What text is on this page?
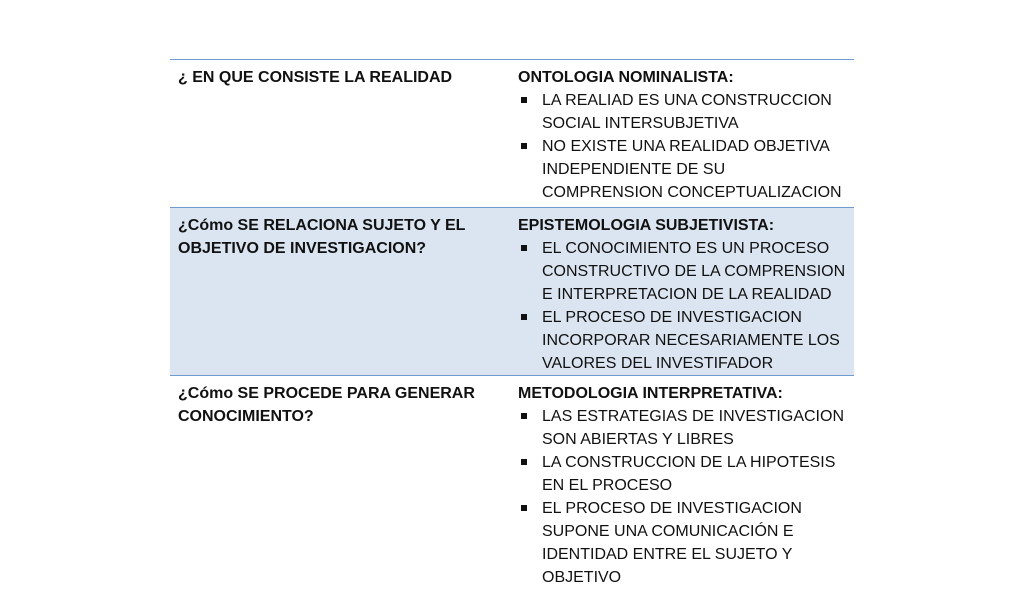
¿ EN QUE CONSISTE LA REALIDAD	ONTOLOGIA NOMINALISTA:
LA REALIAD ES UNA CONSTRUCCION SOCIAL INTERSUBJETIVA
NO EXISTE UNA REALIDAD OBJETIVA INDEPENDIENTE DE SU COMPRENSION CONCEPTUALIZACION
¿Cómo SE RELACIONA SUJETO Y EL OBJETIVO DE INVESTIGACION?
EPISTEMOLOGIA SUBJETIVISTA:
EL CONOCIMIENTO ES UN PROCESO CONSTRUCTIVO DE LA COMPRENSION E INTERPRETACION DE LA REALIDAD
EL PROCESO DE INVESTIGACION INCORPORAR NECESARIAMENTE LOS VALORES DEL INVESTIFADOR
¿Cómo SE PROCEDE PARA GENERAR CONOCIMIENTO?
METODOLOGIA INTERPRETATIVA:
LAS ESTRATEGIAS DE INVESTIGACION SON ABIERTAS Y LIBRES
LA CONSTRUCCION DE LA HIPOTESIS EN EL PROCESO
EL PROCESO DE INVESTIGACION SUPONE UNA COMUNICACIÓN E IDENTIDAD ENTRE EL SUJETO Y OBJETIVO
